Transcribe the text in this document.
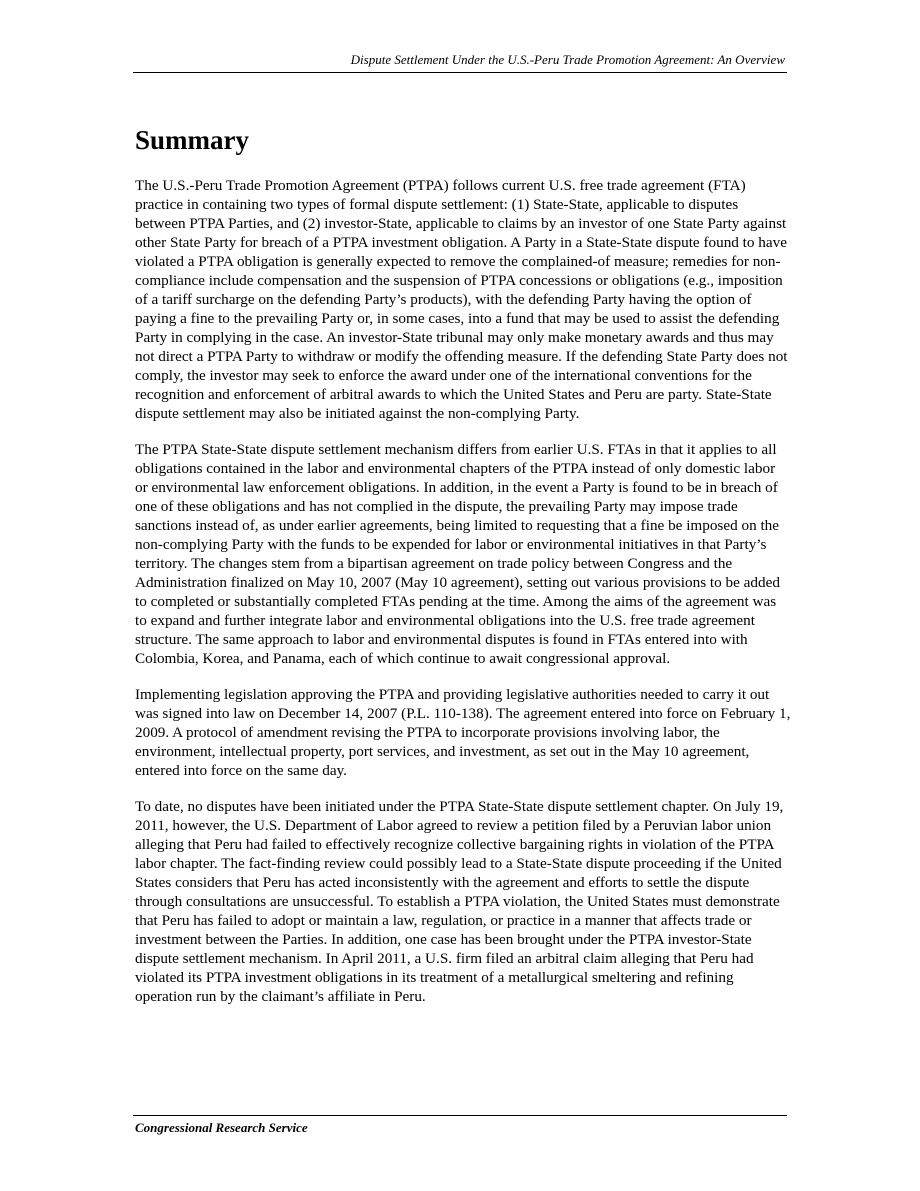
Dispute Settlement Under the U.S.-Peru Trade Promotion Agreement: An Overview
Summary

The U.S.-Peru Trade Promotion Agreement (PTPA) follows current U.S. free trade agreement (FTA) practice in containing two types of formal dispute settlement: (1) State-State, applicable to disputes between PTPA Parties, and (2) investor-State, applicable to claims by an investor of one State Party against other State Party for breach of a PTPA investment obligation. A Party in a State-State dispute found to have violated a PTPA obligation is generally expected to remove the complained-of measure; remedies for non-compliance include compensation and the suspension of PTPA concessions or obligations (e.g., imposition of a tariff surcharge on the defending Party’s products), with the defending Party having the option of paying a fine to the prevailing Party or, in some cases, into a fund that may be used to assist the defending Party in complying in the case. An investor-State tribunal may only make monetary awards and thus may not direct a PTPA Party to withdraw or modify the offending measure. If the defending State Party does not comply, the investor may seek to enforce the award under one of the international conventions for the recognition and enforcement of arbitral awards to which the United States and Peru are party. State-State dispute settlement may also be initiated against the non-complying Party.

The PTPA State-State dispute settlement mechanism differs from earlier U.S. FTAs in that it applies to all obligations contained in the labor and environmental chapters of the PTPA instead of only domestic labor or environmental law enforcement obligations. In addition, in the event a Party is found to be in breach of one of these obligations and has not complied in the dispute, the prevailing Party may impose trade sanctions instead of, as under earlier agreements, being limited to requesting that a fine be imposed on the non-complying Party with the funds to be expended for labor or environmental initiatives in that Party’s territory. The changes stem from a bipartisan agreement on trade policy between Congress and the Administration finalized on May 10, 2007 (May 10 agreement), setting out various provisions to be added to completed or substantially completed FTAs pending at the time. Among the aims of the agreement was to expand and further integrate labor and environmental obligations into the U.S. free trade agreement structure. The same approach to labor and environmental disputes is found in FTAs entered into with Colombia, Korea, and Panama, each of which continue to await congressional approval.

Implementing legislation approving the PTPA and providing legislative authorities needed to carry it out was signed into law on December 14, 2007 (P.L. 110-138). The agreement entered into force on February 1, 2009. A protocol of amendment revising the PTPA to incorporate provisions involving labor, the environment, intellectual property, port services, and investment, as set out in the May 10 agreement, entered into force on the same day.

To date, no disputes have been initiated under the PTPA State-State dispute settlement chapter. On July 19, 2011, however, the U.S. Department of Labor agreed to review a petition filed by a Peruvian labor union alleging that Peru had failed to effectively recognize collective bargaining rights in violation of the PTPA labor chapter. The fact-finding review could possibly lead to a State-State dispute proceeding if the United States considers that Peru has acted inconsistently with the agreement and efforts to settle the dispute through consultations are unsuccessful. To establish a PTPA violation, the United States must demonstrate that Peru has failed to adopt or maintain a law, regulation, or practice in a manner that affects trade or investment between the Parties. In addition, one case has been brought under the PTPA investor-State dispute settlement mechanism. In April 2011, a U.S. firm filed an arbitral claim alleging that Peru had violated its PTPA investment obligations in its treatment of a metallurgical smeltering and refining operation run by the claimant’s affiliate in Peru.

Congressional Research Service
